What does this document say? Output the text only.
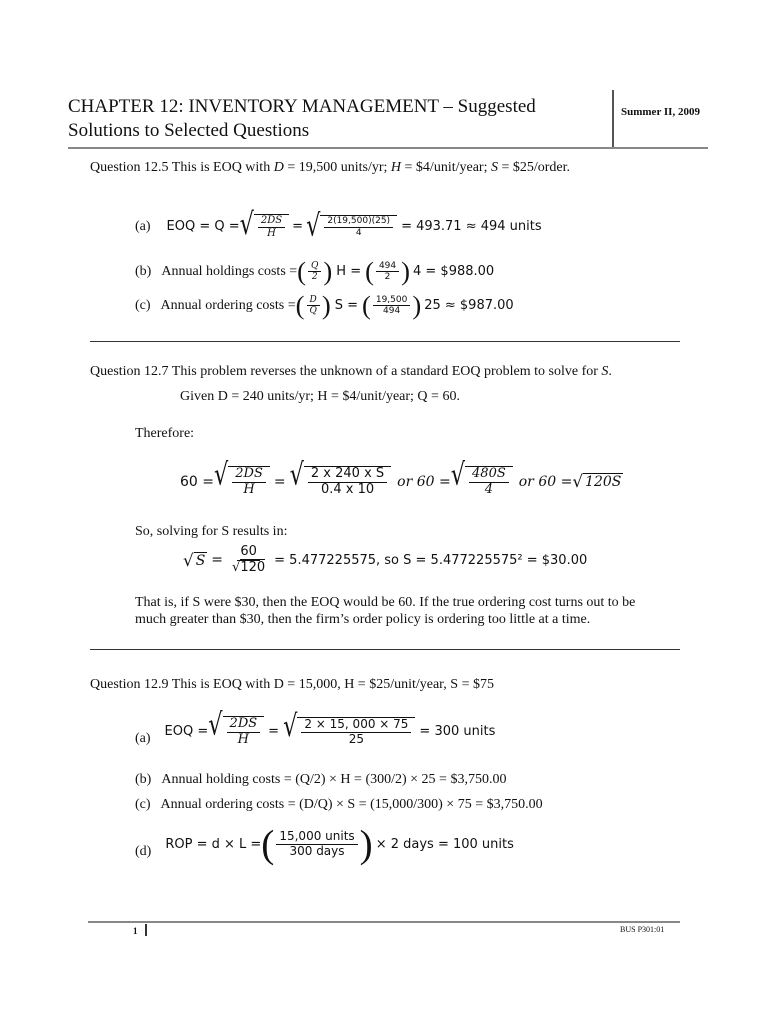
CHAPTER 12: INVENTORY MANAGEMENT – Suggested
Solutions to Selected Questions
Summer II, 2009
Question 12.5 This is EOQ with D = 19,500 units/yr; H = $4/unit/year; S = $25/order.
(a) EOQ = Q = √ $\frac{2DS}{H}$ = √ $\frac{2(19,500)(25)}{4} = 493.71 \approx 494$ units
(b) Annual holdings costs = ( $\frac{Q}{2}$ ) H = ( $\frac{494}{2}$ ) 4 = $988.00
(c) Annual ordering costs = ( $\frac{D}{Q}$ ) S = ( $\frac{19,500}{494}$ ) 25 ≈ $987.00
Question 12.7 This problem reverses the unknown of a standard EOQ problem to solve for S.
Given D = 240 units/yr; H = $4/unit/year; Q = 60.
Therefore:
60 = √ $\frac{2DS}{H}$ = √ $\frac{\text{2 x 240 x S}}{0.4 x 10}$ or 60 = √ $\frac{480S}{4}$ or 60 = √ 120S
So, solving for S results in:
√ $S = \frac{60}{√120} = 5.477225575$, so S = 5.477225575² = $30.00
That is, if S were $30, then the EOQ would be 60. If the true ordering cost turns out to be
much greater than $30, then the firm’s order policy is ordering too little at a time.
Question 12.9 This is EOQ with D = 15,000, H = $25/unit/year, S = $75
(a) EOQ = √ $\frac{2DS}{H}$ = √ $\frac{2 \times 15, 000 \times 75}{25} = 300$ units
(b) Annual holding costs = (Q/2) × H = (300/2) × 25 = $3,750.00
(c) Annual ordering costs = (D/Q) × S = (15,000/300) × 75 = $3,750.00
(d) ROP = d × L = ( $\frac{\text{15,000 units}}{\text{300 days}}$ ) × 2 days = 100 units
1	BUS P301:01
